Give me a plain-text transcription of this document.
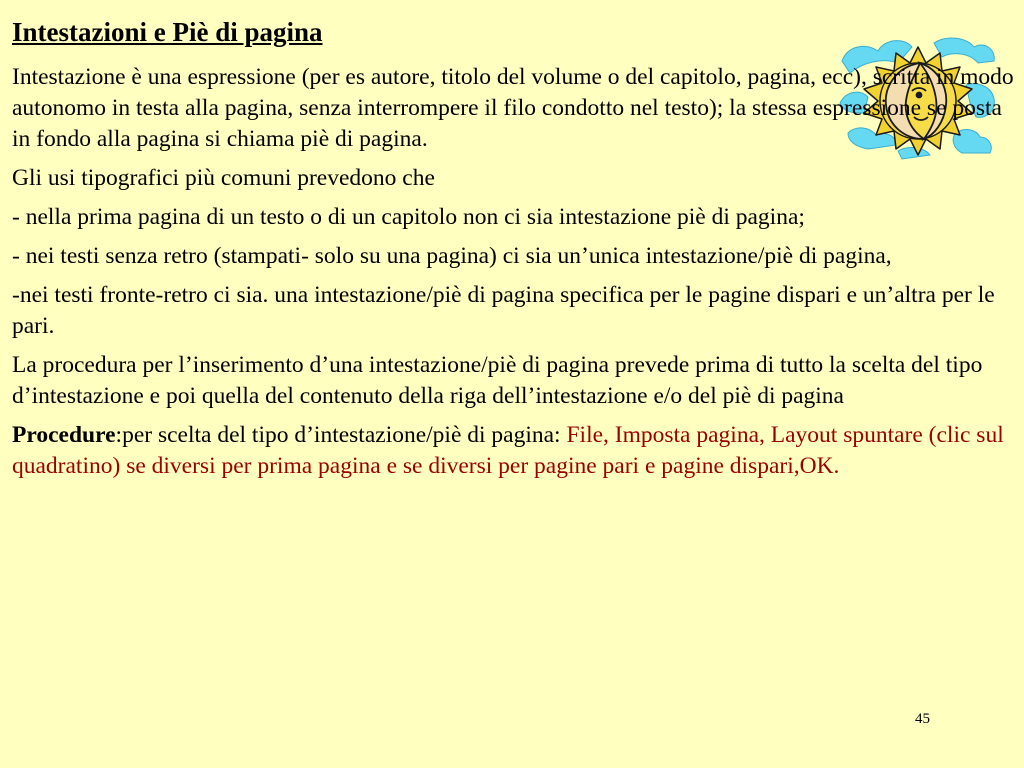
Intestazioni e Piè di pagina

Intestazione è una espressione (per es autore, titolo del volume o del capitolo, pagina, ecc), scritta in modo autonomo in testa alla pagina, senza interrompere il filo condotto nel testo); la stessa espressione se posta in fondo alla pagina si chiama piè di pagina.

Gli usi tipografici più comuni prevedono che

- nella prima pagina di un testo o di un capitolo non ci sia intestazione piè di pagina;

- nei testi senza retro (stampati- solo su una pagina) ci sia un’unica intestazione/piè di pagina,

-nei testi fronte-retro ci sia. una intestazione/piè di pagina specifica per le pagine dispari e un’altra per le pari.

La procedura per l’inserimento d’una intestazione/piè di pagina prevede prima di tutto la scelta del tipo d’intestazione e poi quella del contenuto della riga dell’intestazione e/o del piè di pagina

Procedure:per scelta del tipo d’intestazione/piè di pagina: File, Imposta pagina, Layout spuntare (clic sul quadratino) se diversi per prima pagina e se diversi per pagine pari e pagine dispari,OK.

45
